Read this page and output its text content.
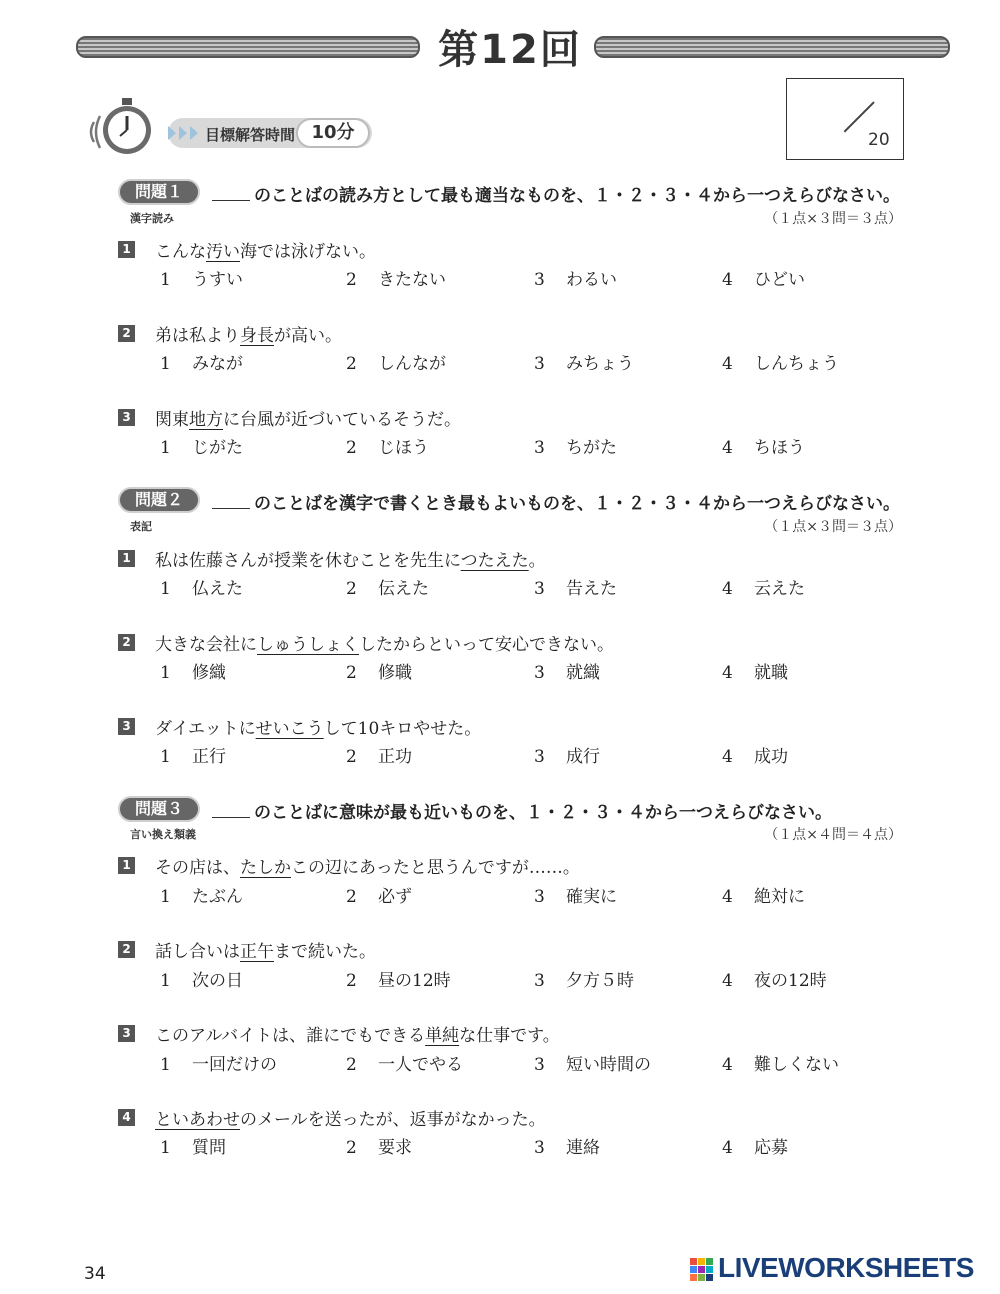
第12回
目標解答時間 10分	20
問題１	のことばの読み方として最も適当なものを、１・２・３・４から一つえらびなさい。
漢字読み	（１点×３問＝３点）
1 こんな汚い海では泳げない。
1 うすい	2 きたない	3 わるい	4 ひどい
2 弟は私より身長が高い。
1 みなが	2 しんなが	3 みちょう	4 しんちょう
3 関東地方に台風が近づいているそうだ。
1 じがた	2 じほう	3 ちがた	4 ちほう
問題２	のことばを漢字で書くとき最もよいものを、１・２・３・４から一つえらびなさい。
表記	（１点×３問＝３点）
1 私は佐藤さんが授業を休むことを先生につたえた。
1 仏えた	2 伝えた	3 告えた	4 云えた
2 大きな会社にしゅうしょくしたからといって安心できない。
1 修織	2 修職	3 就織	4 就職
3 ダイエットにせいこうして10キロやせた。
1 正行	2 正功	3 成行	4 成功
問題３	のことばに意味が最も近いものを、１・２・３・４から一つえらびなさい。
言い換え類義	（１点×４問＝４点）
1 その店は、たしかこの辺にあったと思うんですが……。
1 たぶん	2 必ず	3 確実に	4 絶対に
2 話し合いは正午まで続いた。
1 次の日	2 昼の12時	3 夕方５時	4 夜の12時
3 このアルバイトは、誰にでもできる単純な仕事です。
1 一回だけの	2 一人でやる	3 短い時間の	4 難しくない
4 といあわせのメールを送ったが、返事がなかった。
1 質問	2 要求	3 連絡	4 応募
34	LIVEWORKSHEETS
